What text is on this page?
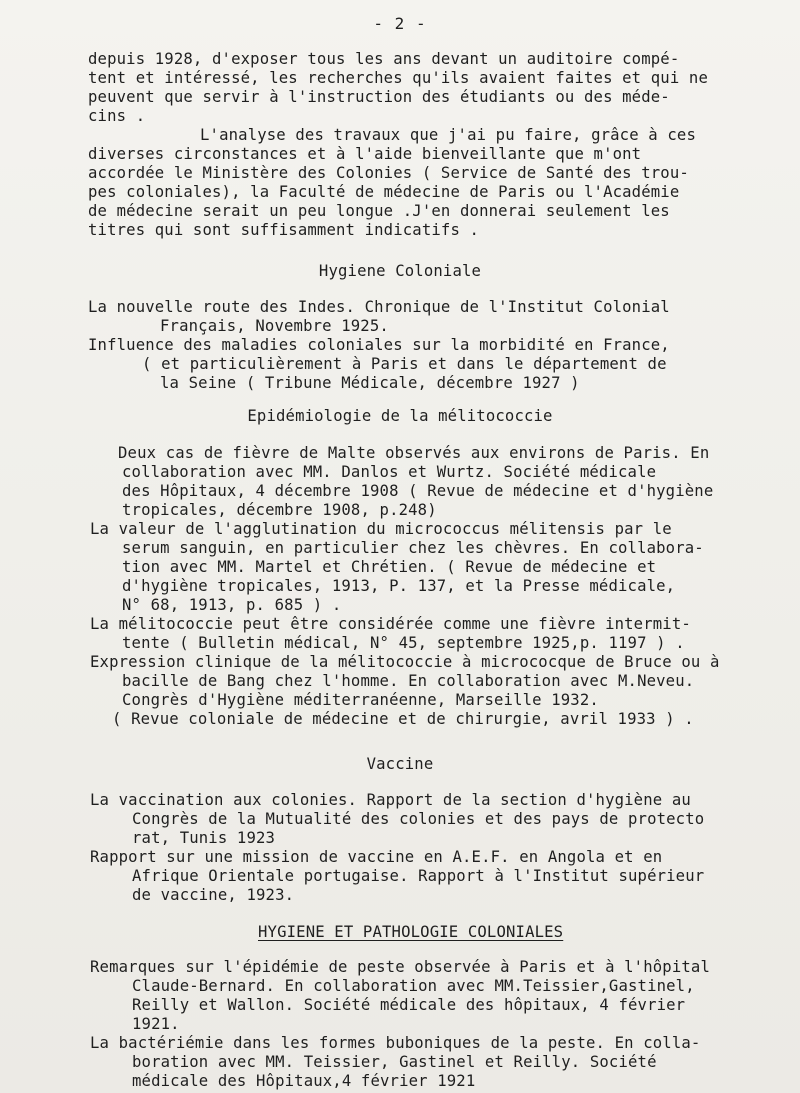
- 2 -
depuis 1928, d'exposer tous les ans devant un auditoire compé-
tent et intéressé, les recherches qu'ils avaient faites et qui ne
peuvent que servir à l'instruction des étudiants ou des méde-
cins .
L'analyse des travaux que j'ai pu faire, grâce à ces
diverses circonstances et à l'aide bienveillante que m'ont
accordée le Ministère des Colonies ( Service de Santé des trou-
pes coloniales), la Faculté de médecine de Paris ou l'Académie
de médecine serait un peu longue .J'en donnerai seulement les
titres qui sont suffisamment indicatifs .
Hygiene Coloniale
La nouvelle route des Indes. Chronique de l'Institut Colonial
Français, Novembre 1925.
Influence des maladies coloniales sur la morbidité en France,
( et particulièrement à Paris et dans le département de
la Seine ( Tribune Médicale, décembre 1927 )
Epidémiologie de la mélitococcie
Deux cas de fièvre de Malte observés aux environs de Paris. En
collaboration avec MM. Danlos et Wurtz. Société médicale
des Hôpitaux, 4 décembre 1908 ( Revue de médecine et d'hygiène
tropicales, décembre 1908, p.248)
La valeur de l'agglutination du micrococcus mélitensis par le
serum sanguin, en particulier chez les chèvres. En collabora-
tion avec MM. Martel et Chrétien. ( Revue de médecine et
d'hygiène tropicales, 1913, P. 137, et la Presse médicale,
N° 68, 1913, p. 685 ) .
La mélitococcie peut être considérée comme une fièvre intermit-
tente ( Bulletin médical, N° 45, septembre 1925,p. 1197 ) .
Expression clinique de la mélitococcie à micrococque de Bruce ou à
bacille de Bang chez l'homme. En collaboration avec M.Neveu.
Congrès d'Hygiène méditerranéenne, Marseille 1932.
( Revue coloniale de médecine et de chirurgie, avril 1933 ) .
Vaccine
La vaccination aux colonies. Rapport de la section d'hygiène au
Congrès de la Mutualité des colonies et des pays de protecto
rat, Tunis 1923
Rapport sur une mission de vaccine en A.E.F. en Angola et en
Afrique Orientale portugaise. Rapport à l'Institut supérieur
de vaccine, 1923.
HYGIENE ET PATHOLOGIE COLONIALES
Remarques sur l'épidémie de peste observée à Paris et à l'hôpital
Claude-Bernard. En collaboration avec MM.Teissier,Gastinel,
Reilly et Wallon. Société médicale des hôpitaux, 4 février
1921.
La bactériémie dans les formes buboniques de la peste. En colla-
boration avec MM. Teissier, Gastinel et Reilly. Société
médicale des Hôpitaux,4 février 1921
